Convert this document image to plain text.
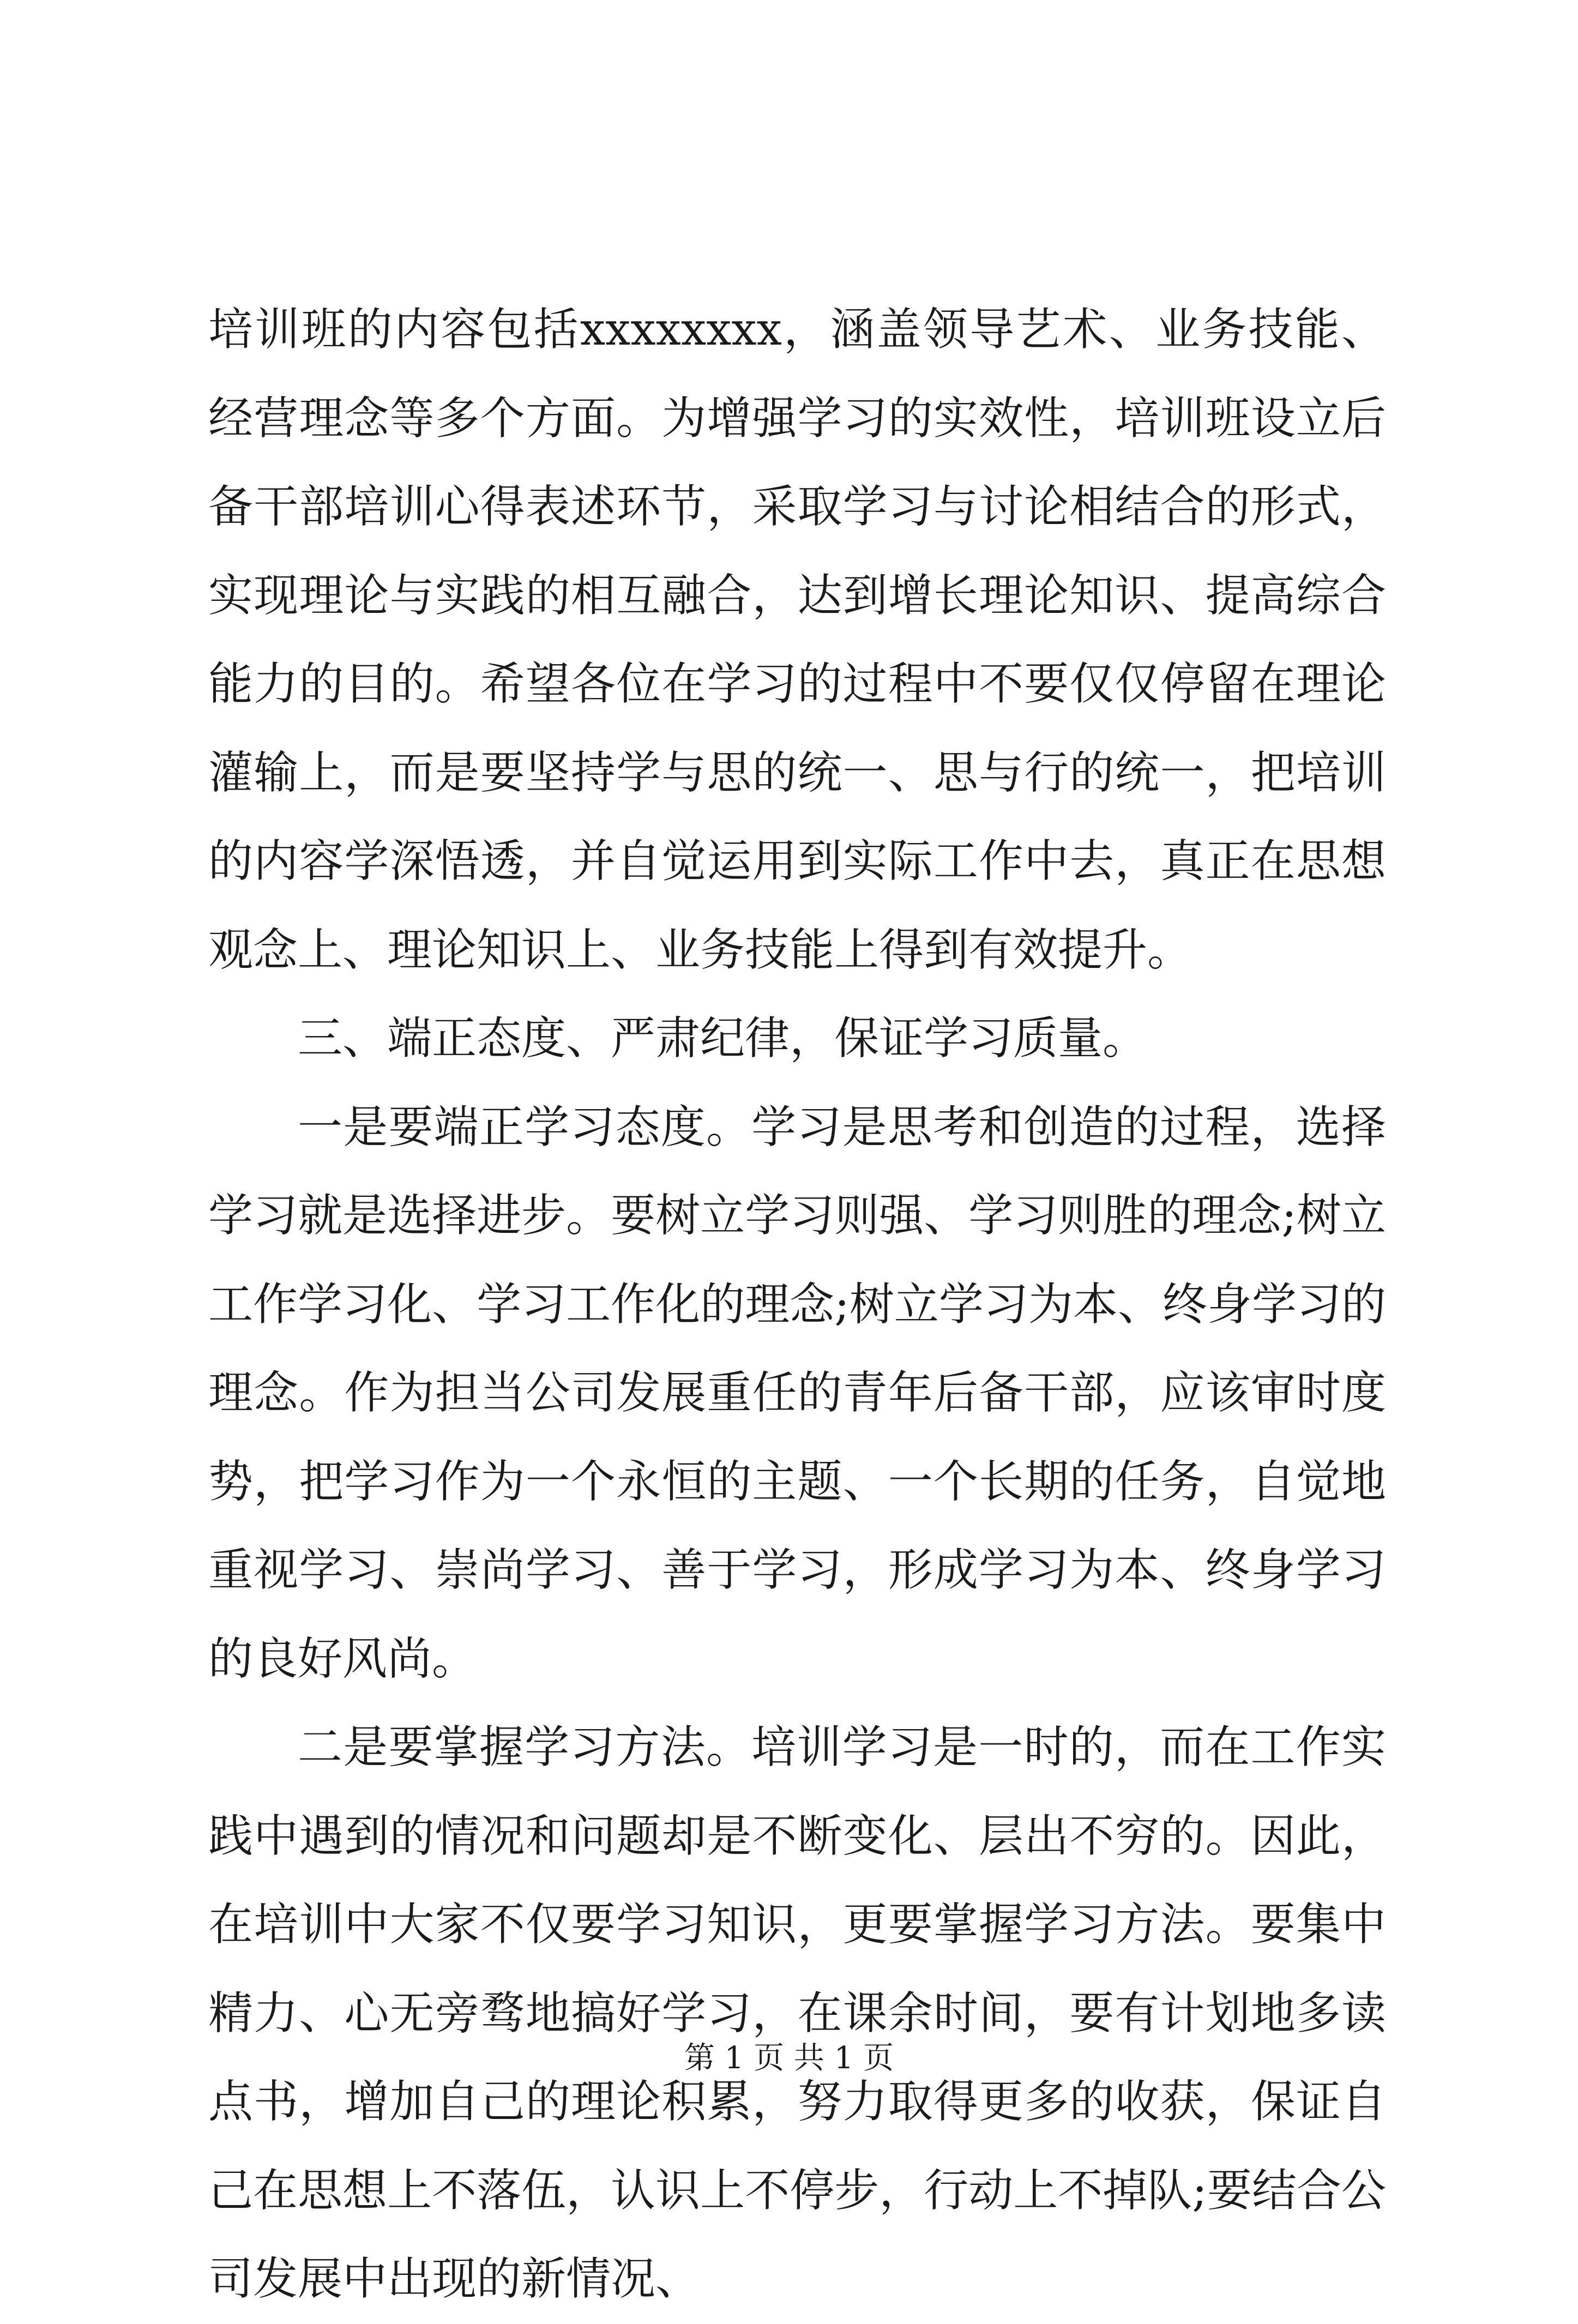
培训班的内容包括xxxxxxxx，涵盖领导艺术、业务技能、经营理念等多个方面。为增强学习的实效性，培训班设立后备干部培训心得表述环节，采取学习与讨论相结合的形式，实现理论与实践的相互融合，达到增长理论知识、提高综合能力的目的。希望各位在学习的过程中不要仅仅停留在理论灌输上，而是要坚持学与思的统一、思与行的统一，把培训的内容学深悟透，并自觉运用到实际工作中去，真正在思想观念上、理论知识上、业务技能上得到有效提升。

三、端正态度、严肃纪律，保证学习质量。

一是要端正学习态度。学习是思考和创造的过程，选择学习就是选择进步。要树立学习则强、学习则胜的理念;树立工作学习化、学习工作化的理念;树立学习为本、终身学习的理念。作为担当公司发展重任的青年后备干部，应该审时度势，把学习作为一个永恒的主题、一个长期的任务，自觉地重视学习、崇尚学习、善于学习，形成学习为本、终身学习的良好风尚。

二是要掌握学习方法。培训学习是一时的，而在工作实践中遇到的情况和问题却是不断变化、层出不穷的。因此，在培训中大家不仅要学习知识，更要掌握学习方法。要集中精力、心无旁骛地搞好学习，在课余时间，要有计划地多读点书，增加自己的理论积累，努力取得更多的收获，保证自己在思想上不落伍，认识上不停步，行动上不掉队;要结合公司发展中出现的新情况、

第 1 页 共 1 页
